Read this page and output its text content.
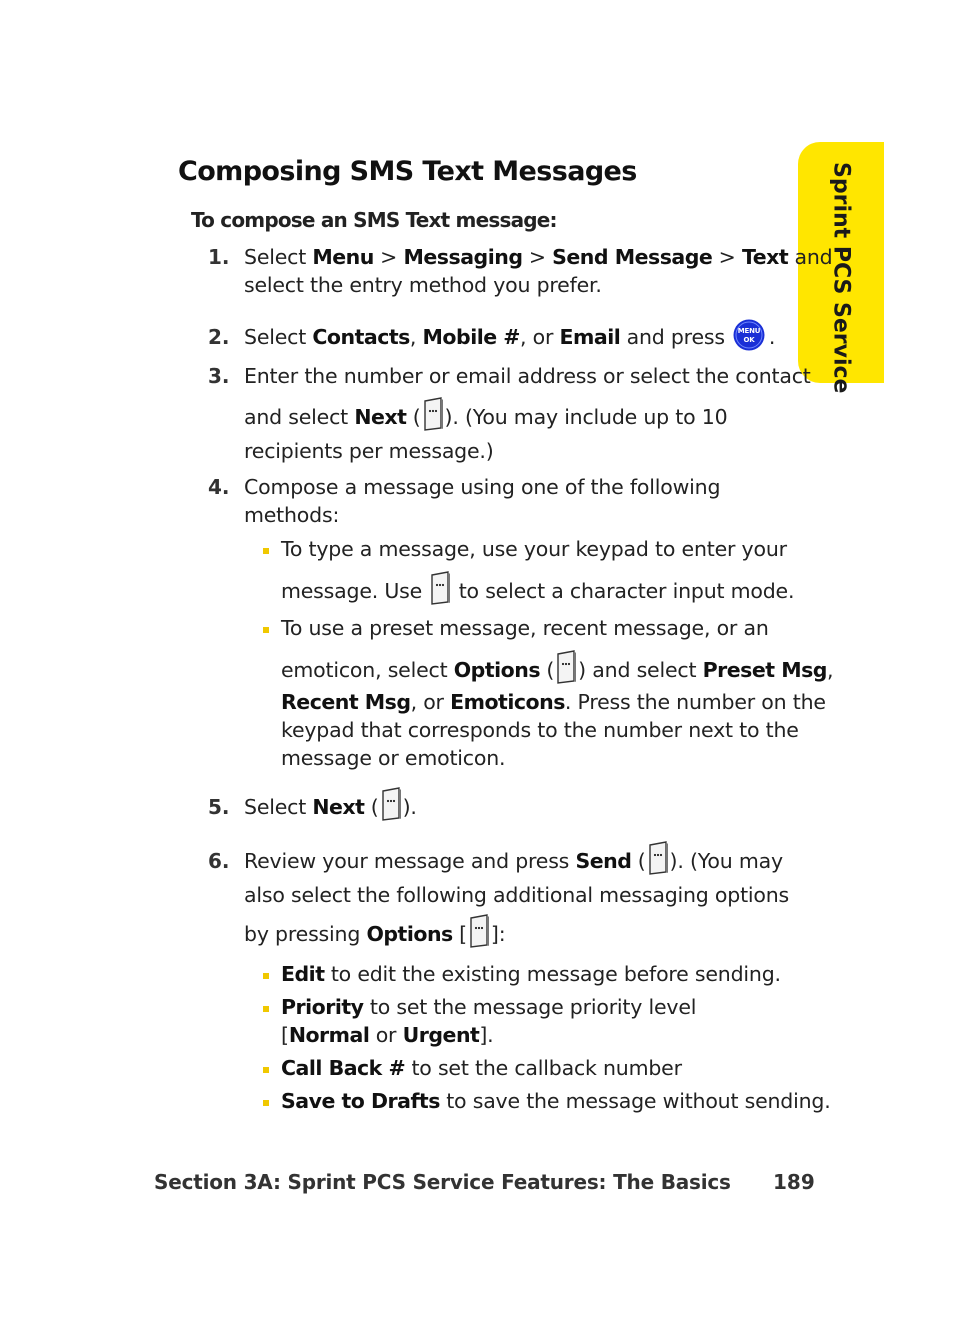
Composing SMS Text Messages
To compose an SMS Text message:	Sprint PCS Service
1. Select Menu > Messaging > Send Message > Text and
select the entry method you prefer.
2. Select Contacts, Mobile #, or Email and press MENU
OK .
3. Enter the number or email address or select the contact
and select Next ( ). (You may include up to 10
recipients per message.)
4. Compose a message using one of the following
methods:
To type a message, use your keypad to enter your
message. Use
to select a character input mode.
To use a preset message, recent message, or an
emoticon, select Options ( ) and select Preset Msg,
Recent Msg, or Emoticons. Press the number on the
keypad that corresponds to the number next to the
message or emoticon.
5. Select Next ( ).
6. Review your message and press Send ( ). (You may
also select the following additional messaging options
by pressing Options [ ]:
Edit to edit the existing message before sending.
Priority to set the message priority level
[Normal or Urgent].
Call Back # to set the callback number
Save to Drafts to save the message without sending.
Section 3A: Sprint PCS Service Features: The Basics 189
